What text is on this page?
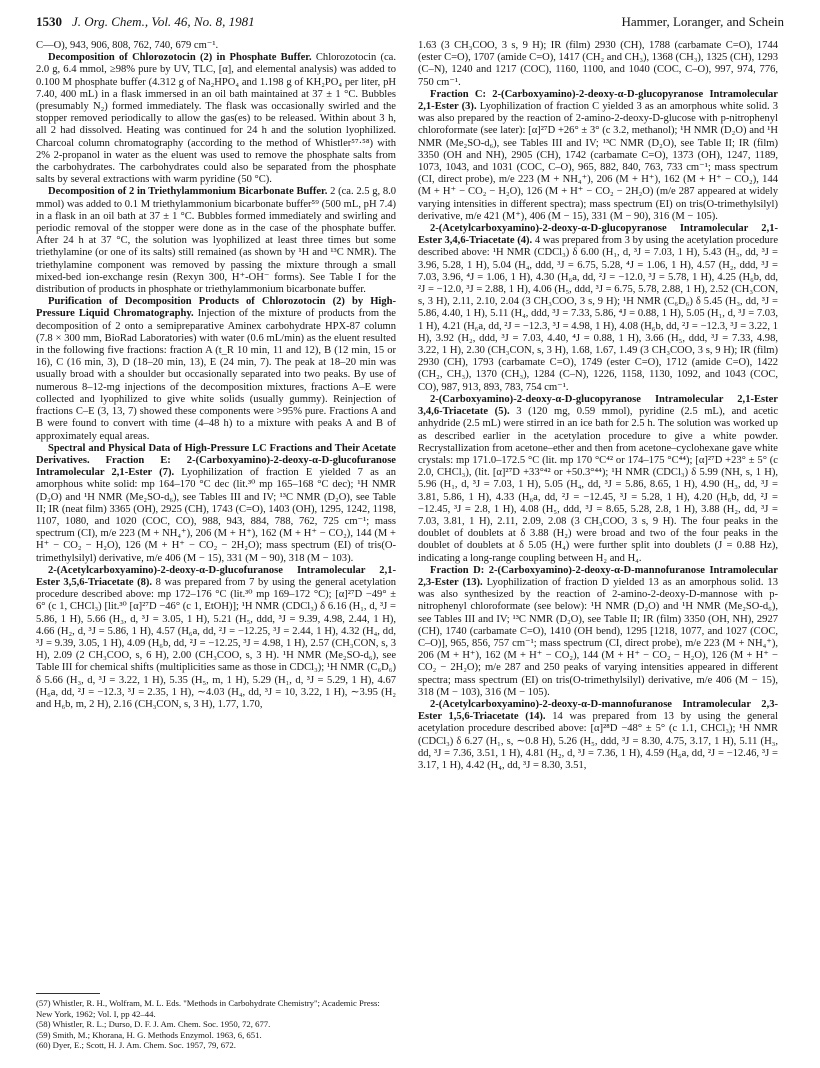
1530 J. Org. Chem., Vol. 46, No. 8, 1981	Hammer, Loranger, and Schein

C—O), 943, 906, 808, 762, 740, 679 cm⁻¹.

Decomposition of Chlorozotocin (2) in Phosphate Buffer. Chlorozotocin (ca. 2.0 g, 6.4 mmol, ≥98% pure by UV, TLC, [α], and elemental analysis) was added to 0.100 M phosphate buffer (4.312 g of Na₂HPO₄ and 1.198 g of KH₂PO₄ per liter, pH 7.40, 400 mL) in a flask immersed in an oil bath maintained at 37 ± 1 °C. Bubbles (presumably N₂) formed immediately. The flask was occasionally swirled and the stopper removed periodically to allow the gas(es) to be released. Within about 3 h, all 2 had dissolved. Heating was continued for 24 h and the solution lyophilized. Charcoal column chromatography (according to the method of Whistler⁵⁷·⁵⁸) with 2% 2-propanol in water as the eluent was used to remove the phosphate salts from the carbohydrates. The carbohydrates could also be separated from the phosphate salts by several extractions with warm pyridine (50 °C).

Decomposition of 2 in Triethylammonium Bicarbonate Buffer. 2 (ca. 2.5 g, 8.0 mmol) was added to 0.1 M triethylammonium bicarbonate buffer⁵⁹ (500 mL, pH 7.4) in a flask in an oil bath at 37 ± 1 °C. Bubbles formed immediately and swirling and periodic removal of the stopper were done as in the case of the phosphate buffer. After 24 h at 37 °C, the solution was lyophilized at least three times but some triethylamine (or one of its salts) still remained (as shown by ¹H and ¹³C NMR). The triethylamine component was removed by passing the mixture through a small mixed-bed ion-exchange resin (Rexyn 300, H⁺-OH⁻ forms). See Table I for the distribution of products in phosphate or triethylammonium bicarbonate buffer.

Purification of Decomposition Products of Chlorozotocin (2) by High-Pressure Liquid Chromatography. Injection of the mixture of products from the decomposition of 2 onto a semipreparative Aminex carbohydrate HPX-87 column (7.8 × 300 mm, BioRad Laboratories) with water (0.6 mL/min) as the eluent resulted in the following five fractions: fraction A (t_R 10 min, 11 and 12), B (12 min, 15 or 16), C (16 min, 3), D (18–20 min, 13), E (24 min, 7). The peak at 18–20 min was usually broad with a shoulder but occasionally separated into two peaks. By use of numerous 8–12-mg injections of the decomposition mixtures, fractions A–E were collected and lyophilized to give white solids (usually gummy). Reinjection of fractions C–E (3, 13, 7) showed these components were >95% pure. Fractions A and B were found to convert with time (4–48 h) to a mixture with peaks A and B of approximately equal areas.

Spectral and Physical Data of High-Pressure LC Fractions and Their Acetate Derivatives. Fraction E: 2-(Carboxyamino)-2-deoxy-α-D-glucofuranose Intramolecular 2,1-Ester (7). Lyophilization of fraction E yielded 7 as an amorphous white solid: mp 164–170 °C dec (lit.³⁰ mp 165–168 °C dec); ¹H NMR (D₂O) and ¹H NMR (Me₂SO-d₆), see Tables III and IV; ¹³C NMR (D₂O), see Table II; IR (neat film) 3365 (OH), 2925 (CH), 1743 (C=O), 1403 (OH), 1295, 1242, 1198, 1107, 1080, and 1020 (COC, CO), 988, 943, 884, 788, 762, 725 cm⁻¹; mass spectrum (CI), m/e 223 (M + NH₄⁺), 206 (M + H⁺), 162 (M + H⁺ − CO₂), 144 (M + H⁺ − CO₂ − H₂O), 126 (M + H⁺ − CO₂ − 2H₂O); mass spectrum (EI) of tris(O-trimethylsilyl) derivative, m/e 406 (M − 15), 331 (M − 90), 318 (M − 103).

2-(Acetylcarboxyamino)-2-deoxy-α-D-glucofuranose Intramolecular 2,1-Ester 3,5,6-Triacetate (8). 8 was prepared from 7 by using the general acetylation procedure described above: mp 172–176 °C (lit.³⁰ mp 169–172 °C); [α]²⁷D −49° ± 6° (c 1, CHCl₃) [lit.³⁰ [α]²⁷D −46° (c 1, EtOH)]; ¹H NMR (CDCl₃) δ 6.16 (H₁, d, ³J = 5.86, 1 H), 5.66 (H₃, d, ³J = 3.05, 1 H), 5.21 (H₅, ddd, ³J = 9.39, 4.98, 2.44, 1 H), 4.66 (H₂, d, ³J = 5.86, 1 H), 4.57 (H₆a, dd, ²J = −12.25, ³J = 2.44, 1 H), 4.32 (H₄, dd, ³J = 9.39, 3.05, 1 H), 4.09 (H₆b, dd, ²J = −12.25, ³J = 4.98, 1 H), 2.57 (CH₃CON, s, 3 H), 2.09 (2 CH₃COO, s, 6 H), 2.00 (CH₃COO, s, 3 H). ¹H NMR (Me₂SO-d₆), see Table III for chemical shifts (multiplicities same as those in CDCl₃); ¹H NMR (C₆D₆) δ 5.66 (H₃, d, ³J = 3.22, 1 H), 5.35 (H₅, m, 1 H), 5.29 (H₁, d, ³J = 5.29, 1 H), 4.67 (H₆a, dd, ²J = −12.3, ³J = 2.35, 1 H), ∼4.03 (H₄, dd, ³J = 10, 3.22, 1 H), ∼3.95 (H₂ and H₆b, m, 2 H), 2.16 (CH₃CON, s, 3 H), 1.77, 1.70,

1.63 (3 CH₃COO, 3 s, 9 H); IR (film) 2930 (CH), 1788 (carbamate C=O), 1744 (ester C=O), 1707 (amide C=O), 1417 (CH₂ and CH₃), 1368 (CH₃), 1325 (CH), 1293 (C–N), 1240 and 1217 (COC), 1160, 1100, and 1040 (COC, C–O), 997, 974, 776, 750 cm⁻¹.

Fraction C: 2-(Carboxyamino)-2-deoxy-α-D-glucopyranose Intramolecular 2,1-Ester (3). Lyophilization of fraction C yielded 3 as an amorphous white solid. 3 was also prepared by the reaction of 2-amino-2-deoxy-D-glucose with p-nitrophenyl chloroformate (see later): [α]²⁷D +26° ± 3° (c 3.2, methanol); ¹H NMR (D₂O) and ¹H NMR (Me₂SO-d₆), see Tables III and IV; ¹³C NMR (D₂O), see Table II; IR (film) 3350 (OH and NH), 2905 (CH), 1742 (carbamate C=O), 1373 (OH), 1247, 1189, 1073, 1043, and 1031 (COC, C–O), 965, 882, 840, 763, 733 cm⁻¹; mass spectrum (CI, direct probe), m/e 223 (M + NH₄⁺), 206 (M + H⁺), 162 (M + H⁺ − CO₂), 144 (M + H⁺ − CO₂ − H₂O), 126 (M + H⁺ − CO₂ − 2H₂O) (m/e 287 appeared at widely varying intensities in different spectra); mass spectrum (EI) on tris(O-trimethylsilyl) derivative, m/e 421 (M⁺), 406 (M − 15), 331 (M − 90), 316 (M − 105).

2-(Acetylcarboxyamino)-2-deoxy-α-D-glucopyranose Intramolecular 2,1-Ester 3,4,6-Triacetate (4). 4 was prepared from 3 by using the acetylation procedure described above: ¹H NMR (CDCl₃) δ 6.00 (H₁, d, ³J = 7.03, 1 H), 5.43 (H₃, dd, ³J = 3.96, 5.28, 1 H), 5.04 (H₄, ddd, ³J = 6.75, 5.28, ⁴J = 1.06, 1 H), 4.57 (H₂, ddd, ³J = 7.03, 3.96, ⁴J = 1.06, 1 H), 4.30 (H₆a, dd, ²J = −12.0, ³J = 5.78, 1 H), 4.25 (H₆b, dd, ²J = −12.0, ³J = 2.88, 1 H), 4.06 (H₅, ddd, ³J = 6.75, 5.78, 2.88, 1 H), 2.52 (CH₃CON, s, 3 H), 2.11, 2.10, 2.04 (3 CH₃COO, 3 s, 9 H); ¹H NMR (C₆D₆) δ 5.45 (H₃, dd, ³J = 5.86, 4.40, 1 H), 5.11 (H₄, ddd, ³J = 7.33, 5.86, ⁴J = 0.88, 1 H), 5.05 (H₁, d, ³J = 7.03, 1 H), 4.21 (H₆a, dd, ²J = −12.3, ³J = 4.98, 1 H), 4.08 (H₆b, dd, ²J = −12.3, ³J = 3.22, 1 H), 3.92 (H₂, ddd, ³J = 7.03, 4.40, ⁴J = 0.88, 1 H), 3.66 (H₅, ddd, ³J = 7.33, 4.98, 3.22, 1 H), 2.30 (CH₃CON, s, 3 H), 1.68, 1.67, 1.49 (3 CH₃COO, 3 s, 9 H); IR (film) 2930 (CH), 1793 (carbamate C=O), 1749 (ester C=O), 1712 (amide C=O), 1422 (CH₂, CH₃), 1370 (CH₃), 1284 (C–N), 1226, 1158, 1130, 1092, and 1043 (COC, CO), 987, 913, 893, 783, 754 cm⁻¹.

2-(Carboxyamino)-2-deoxy-α-D-glucopyranose Intramolecular 2,1-Ester 3,4,6-Triacetate (5). 3 (120 mg, 0.59 mmol), pyridine (2.5 mL), and acetic anhydride (2.5 mL) were stirred in an ice bath for 2.5 h. The solution was worked up as described earlier in the acetylation procedure to give a white powder. Recrystallization from acetone–ether and then from acetone–cyclohexane gave white crystals: mp 171.0–172.5 °C (lit. mp 170 °C⁴² or 174–175 °C⁴⁴); [α]²⁷D +23° ± 5° (c 2.0, CHCl₃), (lit. [α]²⁷D +33°⁴² or +50.3°⁴⁴); ¹H NMR (CDCl₃) δ 5.99 (NH, s, 1 H), 5.96 (H₁, d, ³J = 7.03, 1 H), 5.05 (H₄, dd, ³J = 5.86, 8.65, 1 H), 4.90 (H₃, dd, ³J = 3.81, 5.86, 1 H), 4.33 (H₆a, dd, ²J = −12.45, ³J = 5.28, 1 H), 4.20 (H₆b, dd, ²J = −12.45, ³J = 2.8, 1 H), 4.08 (H₅, ddd, ³J = 8.65, 5.28, 2.8, 1 H), 3.88 (H₂, dd, ³J = 7.03, 3.81, 1 H), 2.11, 2.09, 2.08 (3 CH₃COO, 3 s, 9 H). The four peaks in the doublet of doublets at δ 3.88 (H₂) were broad and two of the four peaks in the doublet of doublets at δ 5.05 (H₄) were further split into doublets (J = 0.88 Hz), indicating a long-range coupling between H₂ and H₄.

Fraction D: 2-(Carboxyamino)-2-deoxy-α-D-mannofuranose Intramolecular 2,3-Ester (13). Lyophilization of fraction D yielded 13 as an amorphous solid. 13 was also synthesized by the reaction of 2-amino-2-deoxy-D-mannose with p-nitrophenyl chloroformate (see below): ¹H NMR (D₂O) and ¹H NMR (Me₂SO-d₆), see Tables III and IV; ¹³C NMR (D₂O), see Table II; IR (film) 3350 (OH, NH), 2927 (CH), 1740 (carbamate C=O), 1410 (OH bend), 1295 [1218, 1077, and 1027 (COC, C–O)], 965, 856, 757 cm⁻¹; mass spectrum (CI, direct probe), m/e 223 (M + NH₄⁺), 206 (M + H⁺), 162 (M + H⁺ − CO₂), 144 (M + H⁺ − CO₂ − H₂O), 126 (M + H⁺ − CO₂ − 2H₂O); m/e 287 and 250 peaks of varying intensities appeared in different spectra; mass spectrum (EI) on tris(O-trimethylsilyl) derivative, m/e 406 (M − 15), 318 (M − 103), 316 (M − 105).

2-(Acetylcarboxyamino)-2-deoxy-α-D-mannofuranose Intramolecular 2,3-Ester 1,5,6-Triacetate (14). 14 was prepared from 13 by using the general acetylation procedure described above: [α]²⁸D −48° ± 5° (c 1.1, CHCl₃); ¹H NMR (CDCl₃) δ 6.27 (H₁, s, ∼0.8 H), 5.26 (H₅, ddd, ³J = 8.30, 4.75, 3.17, 1 H), 5.11 (H₃, dd, ³J = 7.36, 3.51, 1 H), 4.81 (H₂, d, ³J = 7.36, 1 H), 4.59 (H₆a, dd, ²J = −12.46, ³J = 3.17, 1 H), 4.42 (H₄, dd, ³J = 8.30, 3.51,

(57) Whistler, R. H., Wolfram, M. L. Eds. "Methods in Carbohydrate Chemistry"; Academic Press: New York, 1962; Vol. I, pp 42–44.
(58) Whistler, R. L.; Durso, D. F. J. Am. Chem. Soc. 1950, 72, 677.
(59) Smith, M.; Khorana, H. G. Methods Enzymol. 1963, 6, 651.
(60) Dyer, E.; Scott, H. J. Am. Chem. Soc. 1957, 79, 672.
